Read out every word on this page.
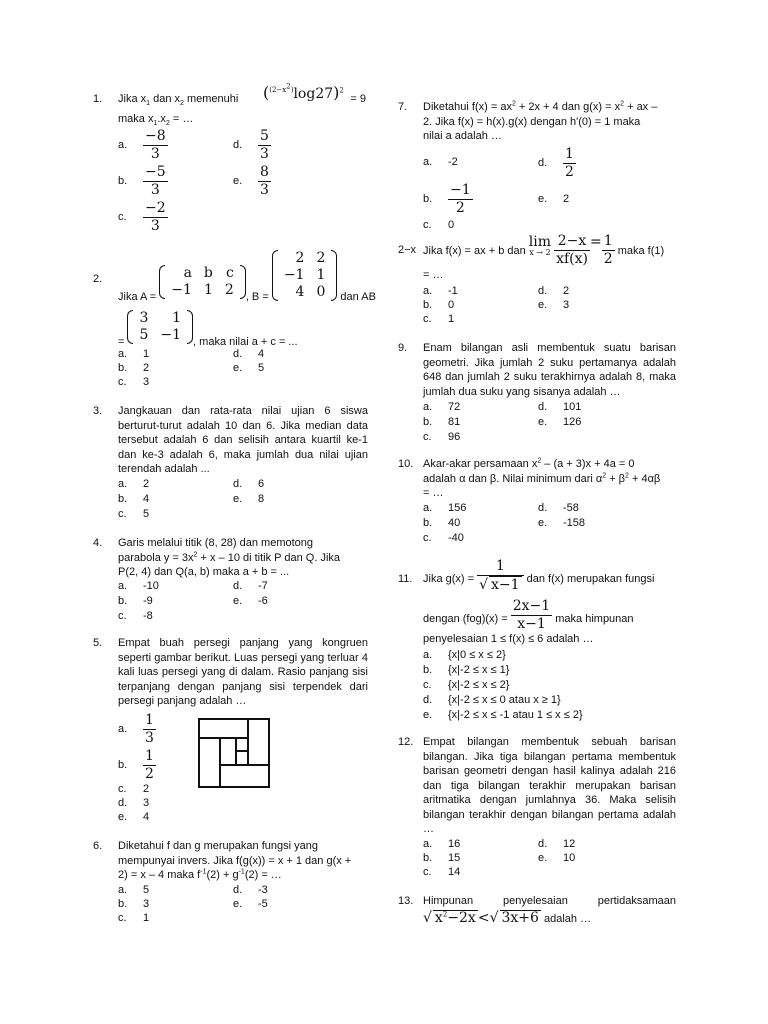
1. Jika $x_1$ dan $x_2$ memenuhi $(^{(2-x^2)}\log 27)^2$
= 9
maka $x_1.x_2$ = …
a. $\frac{-8}{3}$
b. $\frac{-5}{3}$
c. $\frac{-2}{3}$
d. $\frac{5}{3}$
e. $\frac{8}{3}$
2.
Jika A =
a	b	c
−1	1	2 , B =
2	2
−1	1
4	0 dan AB
=
3	1
5	−1 , maka nilai a + c = ...
a. 1
b. 2
c. 3
d. 4
e. 5
3. Jangkauan dan rata-rata nilai ujian 6 siswa berturut-turut adalah 10 dan 6. Jika median data tersebut adalah 6 dan selisih antara kuartil ke-1 dan ke-3 adalah 6, maka jumlah dua nilai ujian terendah adalah ...
a. 2
b. 4
c. 5
d. 6
e. 8
4. Garis melalui titik (8, 28) dan memotong
parabola $y = 3x^2 + x - 10$ di titik P dan Q. Jika
P(2, 4) dan Q(a, b) maka a + b = ...
a. -10
b. -9
c. -8
d. -7
e. -6
5. Empat buah persegi panjang yang kongruen seperti gambar berikut. Luas persegi yang terluar 4 kali luas persegi yang di dalam. Rasio panjang sisi terpanjang dengan panjang sisi terpendek dari persegi panjang adalah …
a. $\frac{1}{3}$
b. $\frac{1}{2}$
c. 2
d. 3
e. 4
6. Diketahui f dan g merupakan fungsi yang
mempunyai invers. Jika f(g(x)) = x + 1 dan g(x +
2) = x – 4 maka $f^{-1}(2) + g^{-1}(2)$ = …
a. 5
b. 3
c. 1
d. -3
e. -5
7. Diketahui $f(x) = ax^2 + 2x + 4$ dan $g(x) = x^2$ + ax –
2. Jika f(x) = h(x).g(x) dengan h'(0) = 1 maka
nilai a adalah …
a. -2
b. $\frac{-1}{2}$
c. 0
d. $\frac{1}{2}$
e. 2
2−x Jika f(x) = ax + b dan
lim
x → 2
$\frac{2-x}{xf(x)} = \frac{1}{2}$ maka f(1)
= …
a. -1
b. 0
c. 1
d. 2
e. 3
9. Enam bilangan asli membentuk suatu barisan geometri. Jika jumlah 2 suku pertamanya adalah 648 dan jumlah 2 suku terakhirnya adalah 8, maka jumlah dua suku yang sisanya adalah …
a. 72
b. 81
c. 96
d. 101
e. 126
10. Akar-akar persamaan $x^2 - (a + 3)x + 4a = 0$
adalah α dan β. Nilai minimum dari $\alpha^2 + \beta^2 + 4\alpha\beta$
= …
a. 156
b. 40
c. -40
d. -58
e. -158
11. Jika $g(x) = \frac{1}{√ x-1}$ dan f(x) merupakan fungsi
dengan $(fog)(x) = \frac{2x-1}{x-1}$ maka himpunan
penyelesaian 1 ≤ f(x) ≤ 6 adalah …
a. {x|0 ≤ x ≤ 2}
b. {x|-2 ≤ x ≤ 1}
c. {x|-2 ≤ x ≤ 2}
d. {x|-2 ≤ x ≤ 0 atau x ≥ 1}
e. {x|-2 ≤ x ≤ -1 atau 1 ≤ x ≤ 2}
12. Empat bilangan membentuk sebuah barisan bilangan. Jika tiga bilangan pertama membentuk barisan geometri dengan hasil kalinya adalah 216 dan tiga bilangan terakhir merupakan barisan aritmatika dengan jumlahnya 36. Maka selisih bilangan terakhir dengan bilangan pertama adalah …
a. 16
b. 15
c. 14
d. 12
e. 10
13. Himpunan penyelesaian pertidaksamaan
√ $x^2-2x$ <√ 3x+6 adalah …
